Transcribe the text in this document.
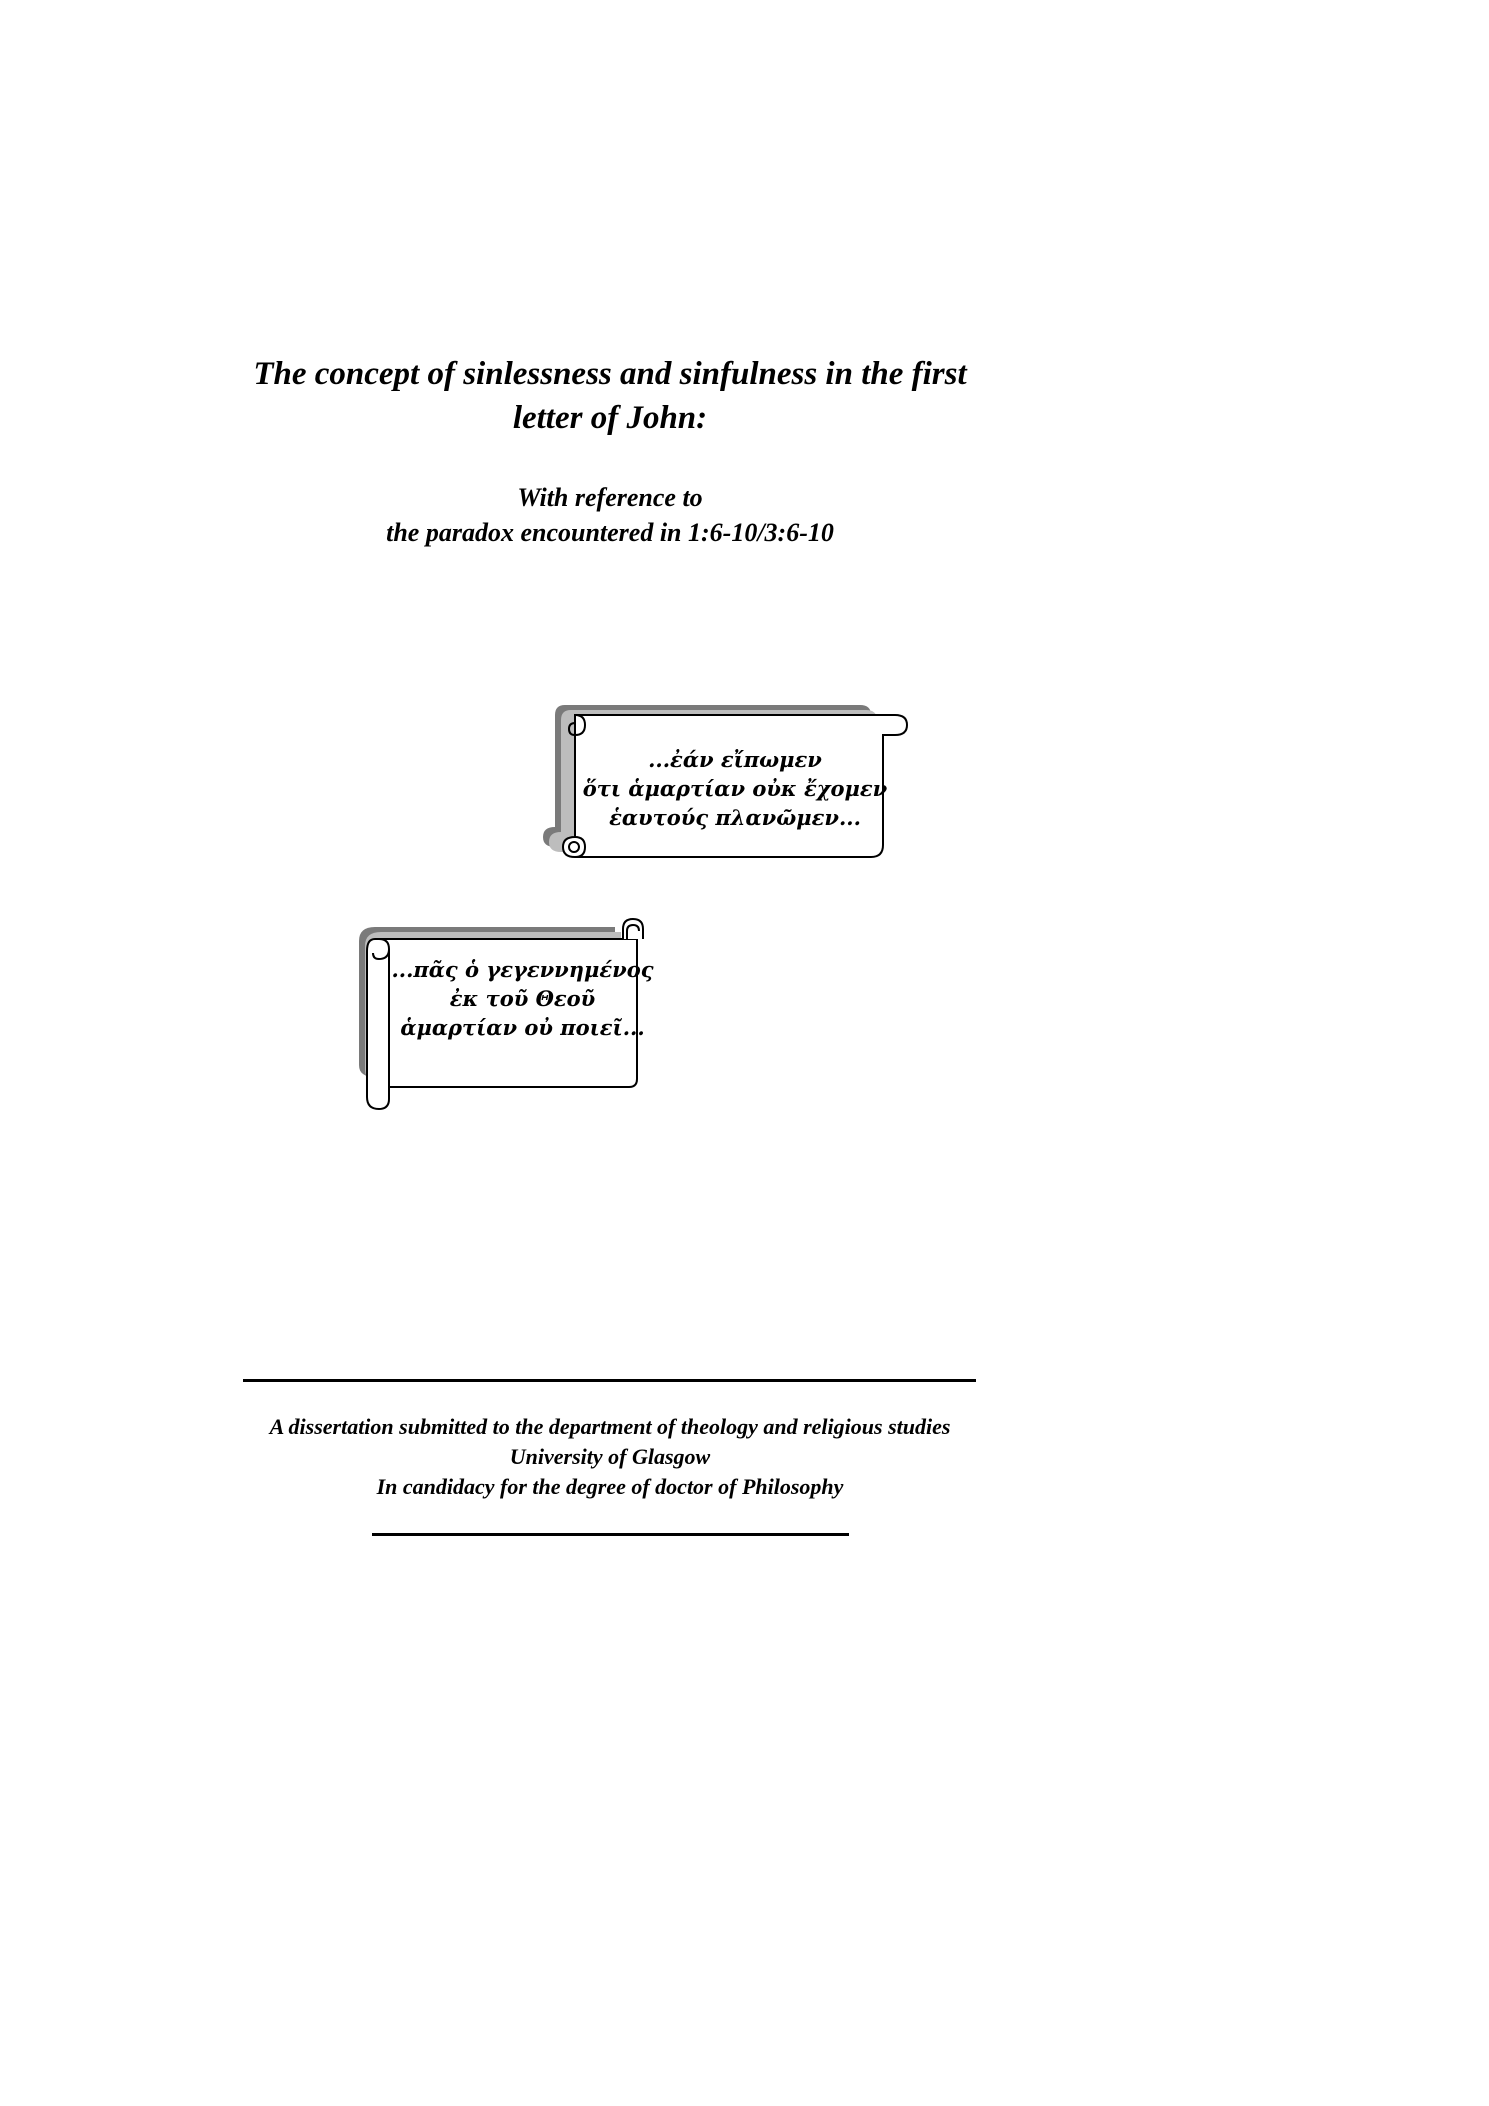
The concept of sinlessness and sinfulness in the first
letter of John:
With reference to
the paradox encountered in 1:6-10/3:6-10
...ἐάν εἴπωμεν
ὅτι ἁμαρτίαν οὐκ ἔχομεν
ἑαυτούς πλανῶμεν...
...πᾶς ὁ γεγεννημένος
ἐκ τοῦ Θεοῦ
ἁμαρτίαν οὐ ποιεῖ...
A dissertation submitted to the department of theology and religious studies
University of Glasgow
In candidacy for the degree of doctor of Philosophy
